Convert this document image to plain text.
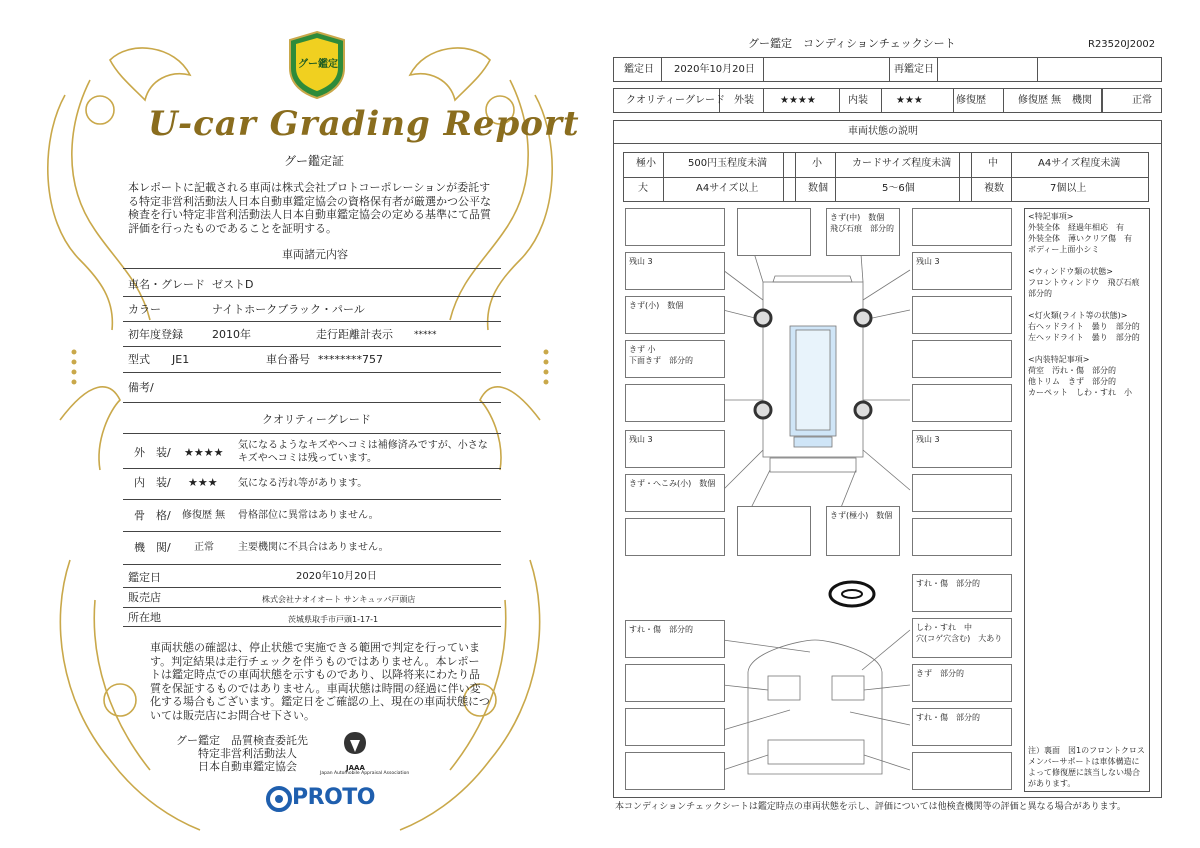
グー鑑定
U-car Grading Report
グー鑑定証
本レポートに記載される車両は株式会社プロトコーポレーションが委託する特定非営利活動法人日本自動車鑑定協会の資格保有者が厳選かつ公平な検査を行い特定非営利活動法人日本自動車鑑定協会の定める基準にて品質評価を行ったものであることを証明する。
車両諸元内容
車名・グレード ゼストD
カラー	ナイトホークブラック・パール
初年度登録	2010年	走行距離計表示 *****
型式 JE1	車台番号 ********757
備考/
クオリティーグレード
外　装/ ★★★★
気になるようなキズやヘコミは補修済みですが、小さなキズやヘコミは残っています。
内　装/ ★★★ 気になる汚れ等があります。
骨　格/ 修復歴 無 骨格部位に異常はありません。
機　関/ 正常 主要機関に不具合はありません。
鑑定日	2020年10月20日
販売店	株式会社ナオイオート サンキュッパ戸頭店
所在地	茨城県取手市戸頭1-17-1
車両状態の確認は、停止状態で実施できる範囲で判定を行っています。判定結果は走行チェックを伴うものではありません。本レポートは鑑定時点での車両状態を示すものであり、以降将来にわたり品質を保証するものではありません。車両状態は時間の経過に伴い変化する場合もございます。鑑定日をご確認の上、現在の車両状態については販売店にお問合せ下さい。
グー鑑定　品質検査委託先
特定非営利活動法人
日本自動車鑑定協会	JAAA
Japan Automobile Appraisal Association
PROTO
グー鑑定　コンディションチェックシート	R23520J2002
鑑定日 2020年10月20日	再鑑定日
クオリティーグレード 外装	★★★★	内装	★★★	修復歴	修復歴 無 機関	正常
車両状態の説明
極小	500円玉程度未満	小	カードサイズ程度未満	中	A4サイズ程度未満
大	A4サイズ以上	数個	5～6個	複数	7個以上
残山 3
きず(小)　数個
きず 小
下面きず　部分的
残山 3
きず・へこみ(小)　数個
きず(中)　数個
飛び石痕　部分的
きず(極小)　数個
残山 3
残山 3
すれ・傷　部分的
すれ・傷　部分的	しわ・すれ　中
穴(コゲ穴含む)　大あり
きず　部分的
すれ・傷　部分的
<特記事項>
外装全体　経過年相応　有
外装全体　薄いクリア傷　有
ボディー上面小シミ

<ウィンドウ類の状態>
フロントウィンドウ　飛び石痕
部分的

<灯火類(ライト等の状態)>
右ヘッドライト　曇り　部分的
左ヘッドライト　曇り　部分的

<内装特記事項>
荷室　汚れ・傷　部分的
他トリム　きず　部分的
カーペット　しわ・すれ　小
注）裏面　図1のフロントクロスメンバーサポートは車体構造によって修復歴に該当しない場合があります。
本コンディションチェックシートは鑑定時点の車両状態を示し、評価については他検査機関等の評価と異なる場合があります。
